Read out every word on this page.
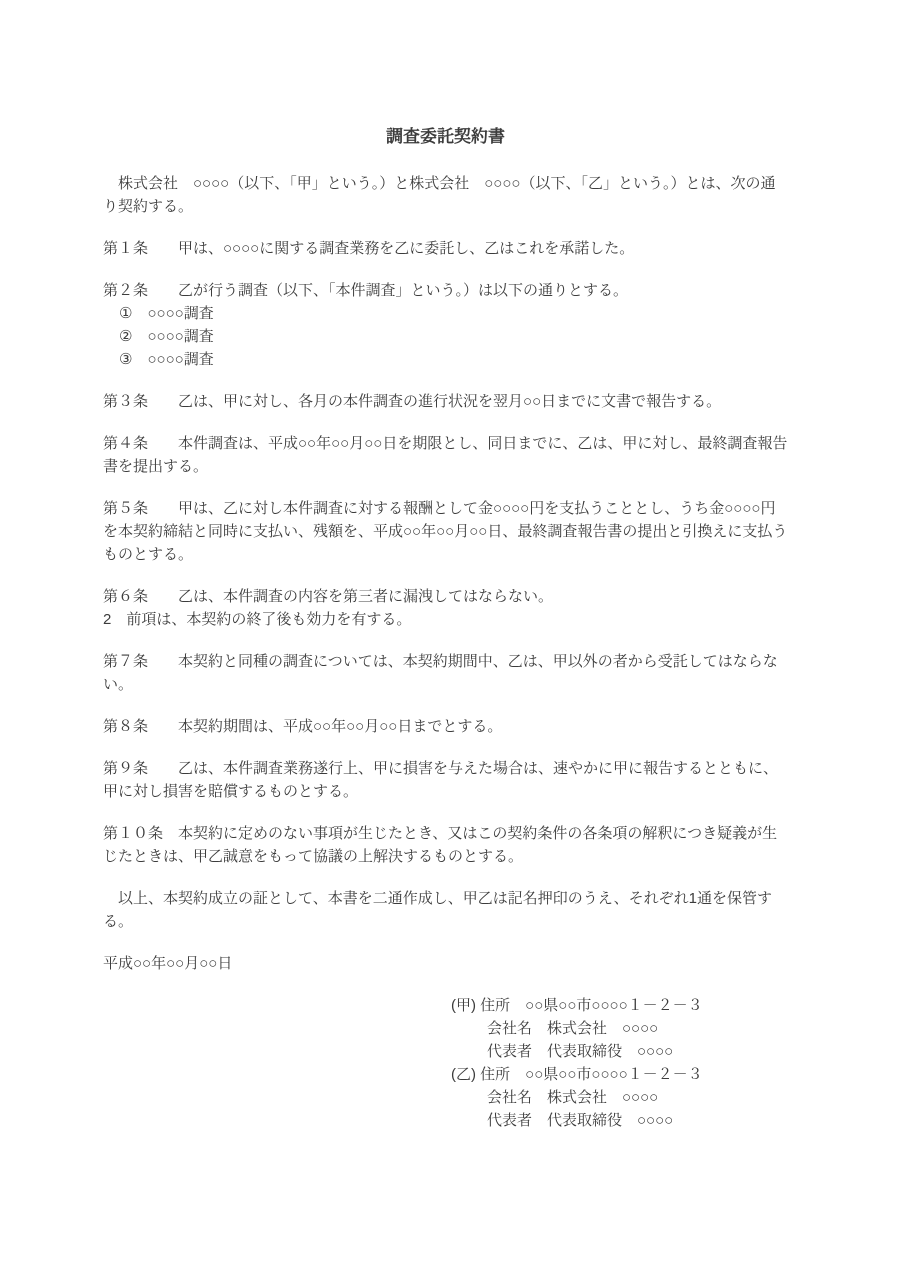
調査委託契約書

株式会社　○○○○（以下、「甲」という。）と株式会社　○○○○（以下、「乙」という。）とは、次の通り契約する。

第１条　　甲は、○○○○に関する調査業務を乙に委託し、乙はこれを承諾した。

第２条　　乙が行う調査（以下、「本件調査」という。）は以下の通りとする。

①　○○○○調査

②　○○○○調査

③　○○○○調査

第３条　　乙は、甲に対し、各月の本件調査の進行状況を翌月○○日までに文書で報告する。

第４条　　本件調査は、平成○○年○○月○○日を期限とし、同日までに、乙は、甲に対し、最終調査報告書を提出する。

第５条　　甲は、乙に対し本件調査に対する報酬として金○○○○円を支払うこととし、うち金○○○○円を本契約締結と同時に支払い、残額を、平成○○年○○月○○日、最終調査報告書の提出と引換えに支払うものとする。

第６条　　乙は、本件調査の内容を第三者に漏洩してはならない。

2　前項は、本契約の終了後も効力を有する。

第７条　　本契約と同種の調査については、本契約期間中、乙は、甲以外の者から受託してはならない。

第８条　　本契約期間は、平成○○年○○月○○日までとする。

第９条　　乙は、本件調査業務遂行上、甲に損害を与えた場合は、速やかに甲に報告するとともに、甲に対し損害を賠償するものとする。

第１０条　本契約に定めのない事項が生じたとき、又はこの契約条件の各条項の解釈につき疑義が生じたときは、甲乙誠意をもって協議の上解決するものとする。

以上、本契約成立の証として、本書を二通作成し、甲乙は記名押印のうえ、それぞれ1通を保管する。

平成○○年○○月○○日

(甲) 住所　○○県○○市○○○○１－２－３

会社名　株式会社　○○○○

代表者　代表取締役　○○○○

(乙) 住所　○○県○○市○○○○１－２－３

会社名　株式会社　○○○○

代表者　代表取締役　○○○○
